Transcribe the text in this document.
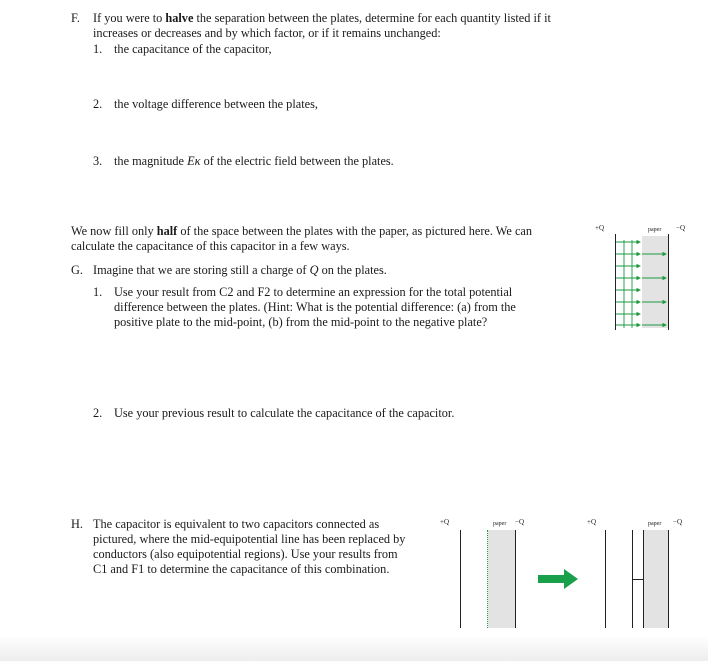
F. If you were to halve the separation between the plates, determine for each quantity listed if it
increases or decreases and by which factor, or if it remains unchanged:
1. the capacitance of the capacitor,
2. the voltage difference between the plates,
3. the magnitude Eκ of the electric field between the plates.
We now fill only half of the space between the plates with the paper, as pictured here. We can
calculate the capacitance of this capacitor in a few ways.
G. Imagine that we are storing still a charge of Q on the plates.
1. Use your result from C2 and F2 to determine an expression for the total potential
difference between the plates. (Hint: What is the potential difference: (a) from the
positive plate to the mid-point, (b) from the mid-point to the negative plate?
2. Use your previous result to calculate the capacitance of the capacitor.
H. The capacitor is equivalent to two capacitors connected as
pictured, where the mid-equipotential line has been replaced by
conductors (also equipotential regions). Use your results from
C1 and F1 to determine the capacitance of this combination.
+Q	paper −Q
+Q	paper −Q	+Q	paper −Q
